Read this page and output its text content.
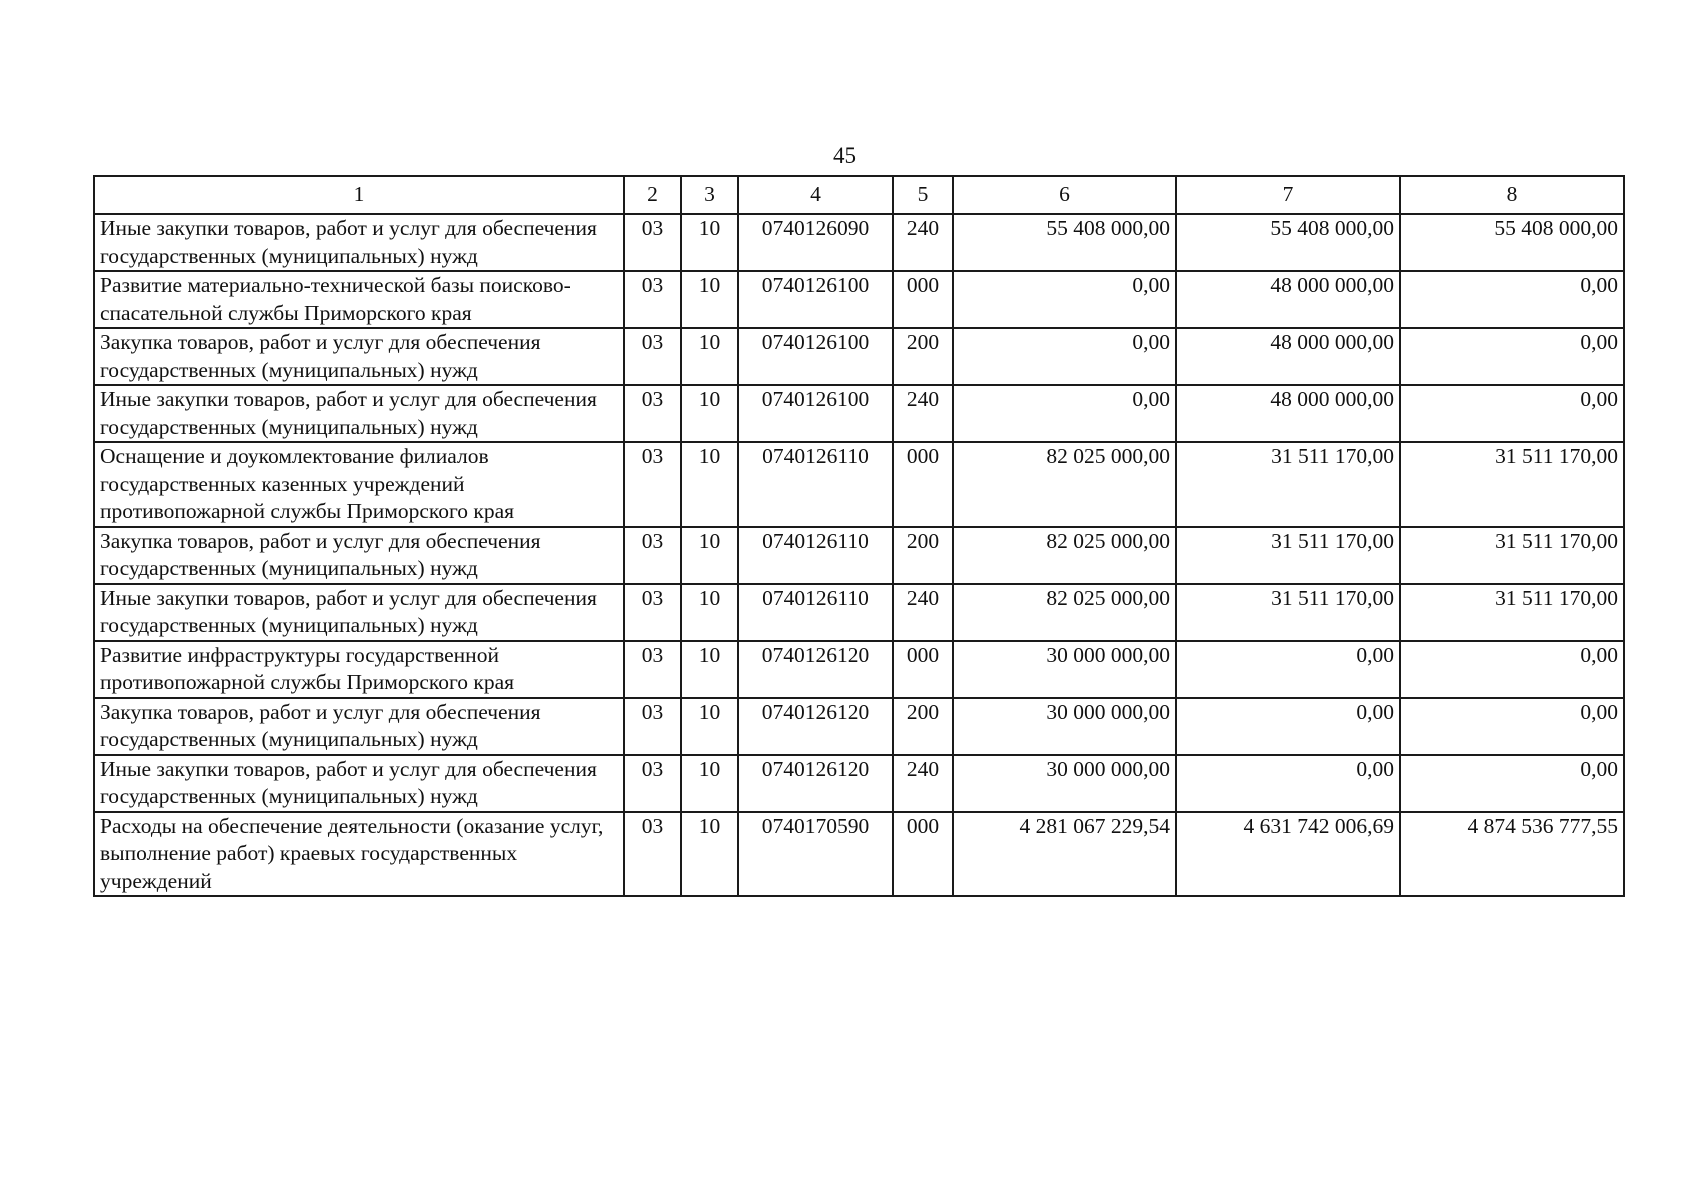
45
1	2	3	4	5	6	7	8
Иные закупки товаров, работ и услуг для обеспечения государственных (муниципальных) нужд	03	10	0740126090	240	55 408 000,00	55 408 000,00	55 408 000,00
Развитие материально-технической базы поисково-спасательной службы Приморского края	03	10	0740126100	000	0,00	48 000 000,00	0,00
Закупка товаров, работ и услуг для обеспечения государственных (муниципальных) нужд	03	10	0740126100	200	0,00	48 000 000,00	0,00
Иные закупки товаров, работ и услуг для обеспечения государственных (муниципальных) нужд	03	10	0740126100	240	0,00	48 000 000,00	0,00
Оснащение и доукомлектование филиалов государственных казенных учреждений противопожарной службы Приморского края	03	10	0740126110	000	82 025 000,00	31 511 170,00	31 511 170,00
Закупка товаров, работ и услуг для обеспечения государственных (муниципальных) нужд	03	10	0740126110	200	82 025 000,00	31 511 170,00	31 511 170,00
Иные закупки товаров, работ и услуг для обеспечения государственных (муниципальных) нужд	03	10	0740126110	240	82 025 000,00	31 511 170,00	31 511 170,00
Развитие инфраструктуры государственной противопожарной службы Приморского края	03	10	0740126120	000	30 000 000,00	0,00	0,00
Закупка товаров, работ и услуг для обеспечения государственных (муниципальных) нужд	03	10	0740126120	200	30 000 000,00	0,00	0,00
Иные закупки товаров, работ и услуг для обеспечения государственных (муниципальных) нужд	03	10	0740126120	240	30 000 000,00	0,00	0,00
Расходы на обеспечение деятельности (оказание услуг, выполнение работ) краевых государственных учреждений	03	10	0740170590	000	4 281 067 229,54	4 631 742 006,69	4 874 536 777,55
